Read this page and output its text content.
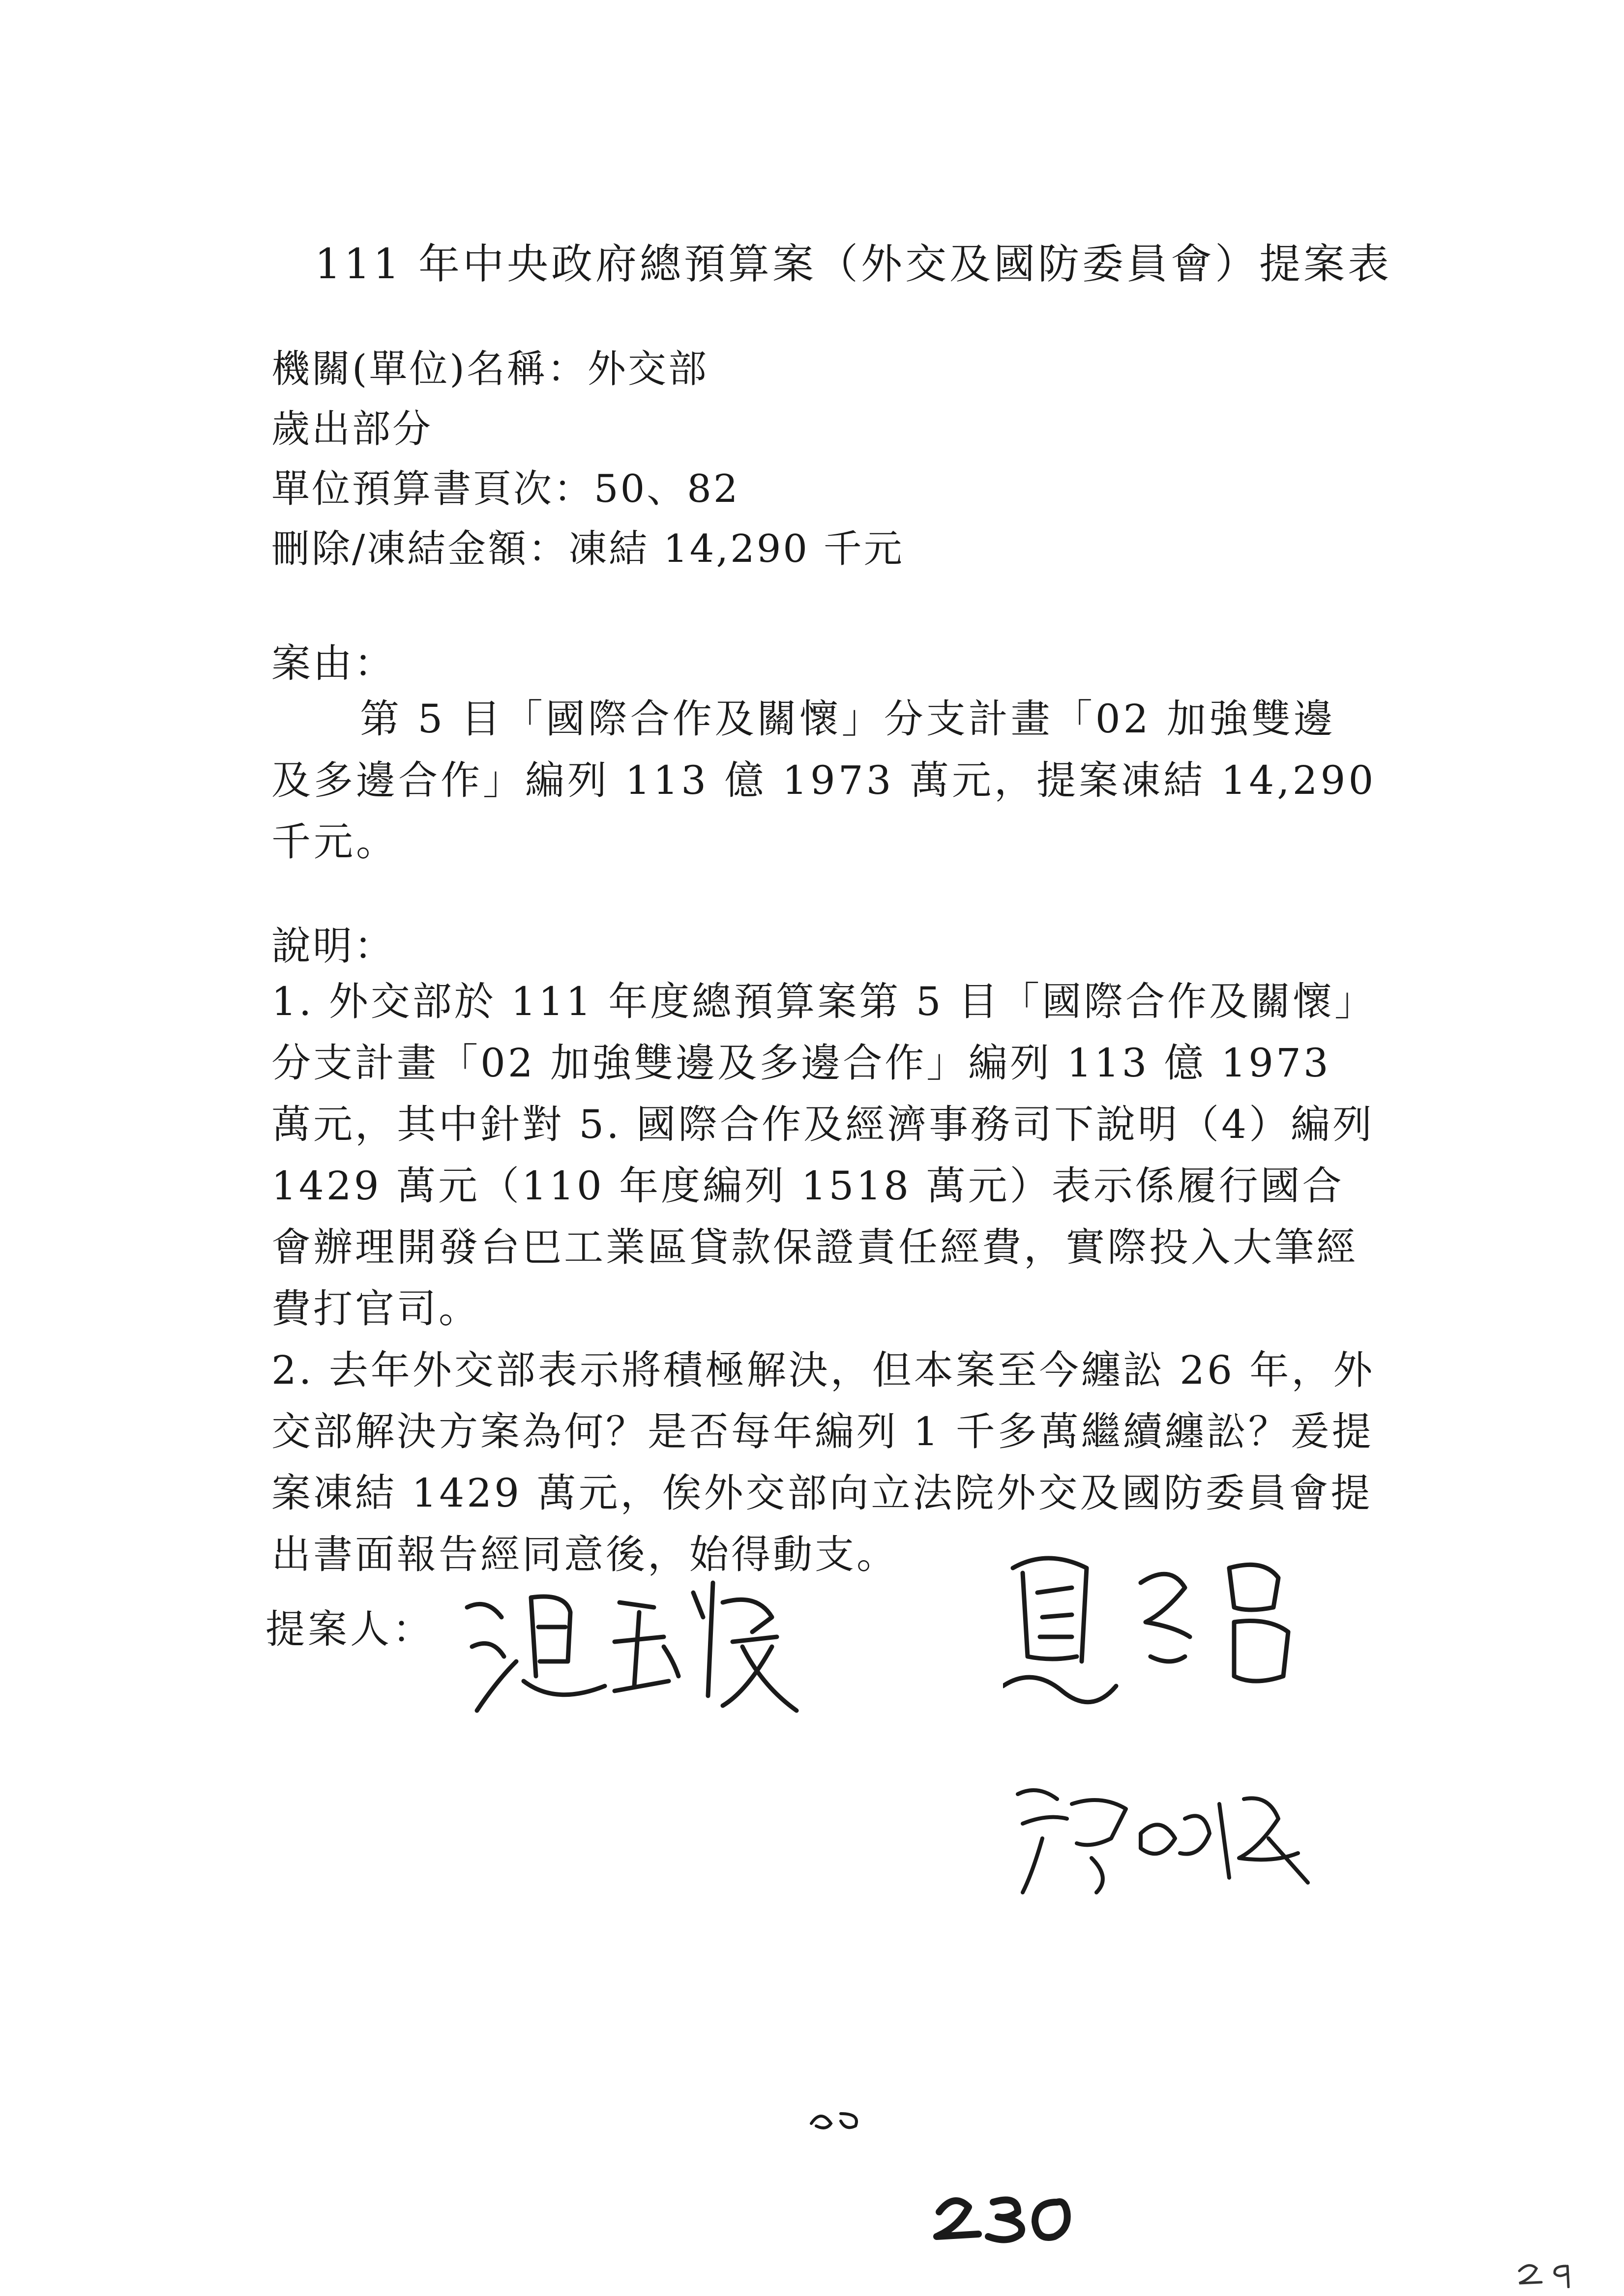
111 年中央政府總預算案（外交及國防委員會）提案表
機關(單位)名稱：外交部
歲出部分
單位預算書頁次：50、82
刪除/凍結金額：凍結 14,290 千元
案由：
第 5 目「國際合作及關懷」分支計畫「02 加強雙邊及多邊合作」編列 113 億 1973 萬元，提案凍結 14,290 千元。
說明：

1. 外交部於 111 年度總預算案第 5 目「國際合作及關懷」分支計畫「02 加強雙邊及多邊合作」編列 113 億 1973 萬元，其中針對 5. 國際合作及經濟事務司下說明（4）編列 1429 萬元（110 年度編列 1518 萬元）表示係履行國合會辦理開發台巴工業區貸款保證責任經費，實際投入大筆經費打官司。

2. 去年外交部表示將積極解決，但本案至今纏訟 26 年，外交部解決方案為何？是否每年編列 1 千多萬繼續纏訟？爰提案凍結 1429 萬元，俟外交部向立法院外交及國防委員會提出書面報告經同意後，始得動支。

提案人：
